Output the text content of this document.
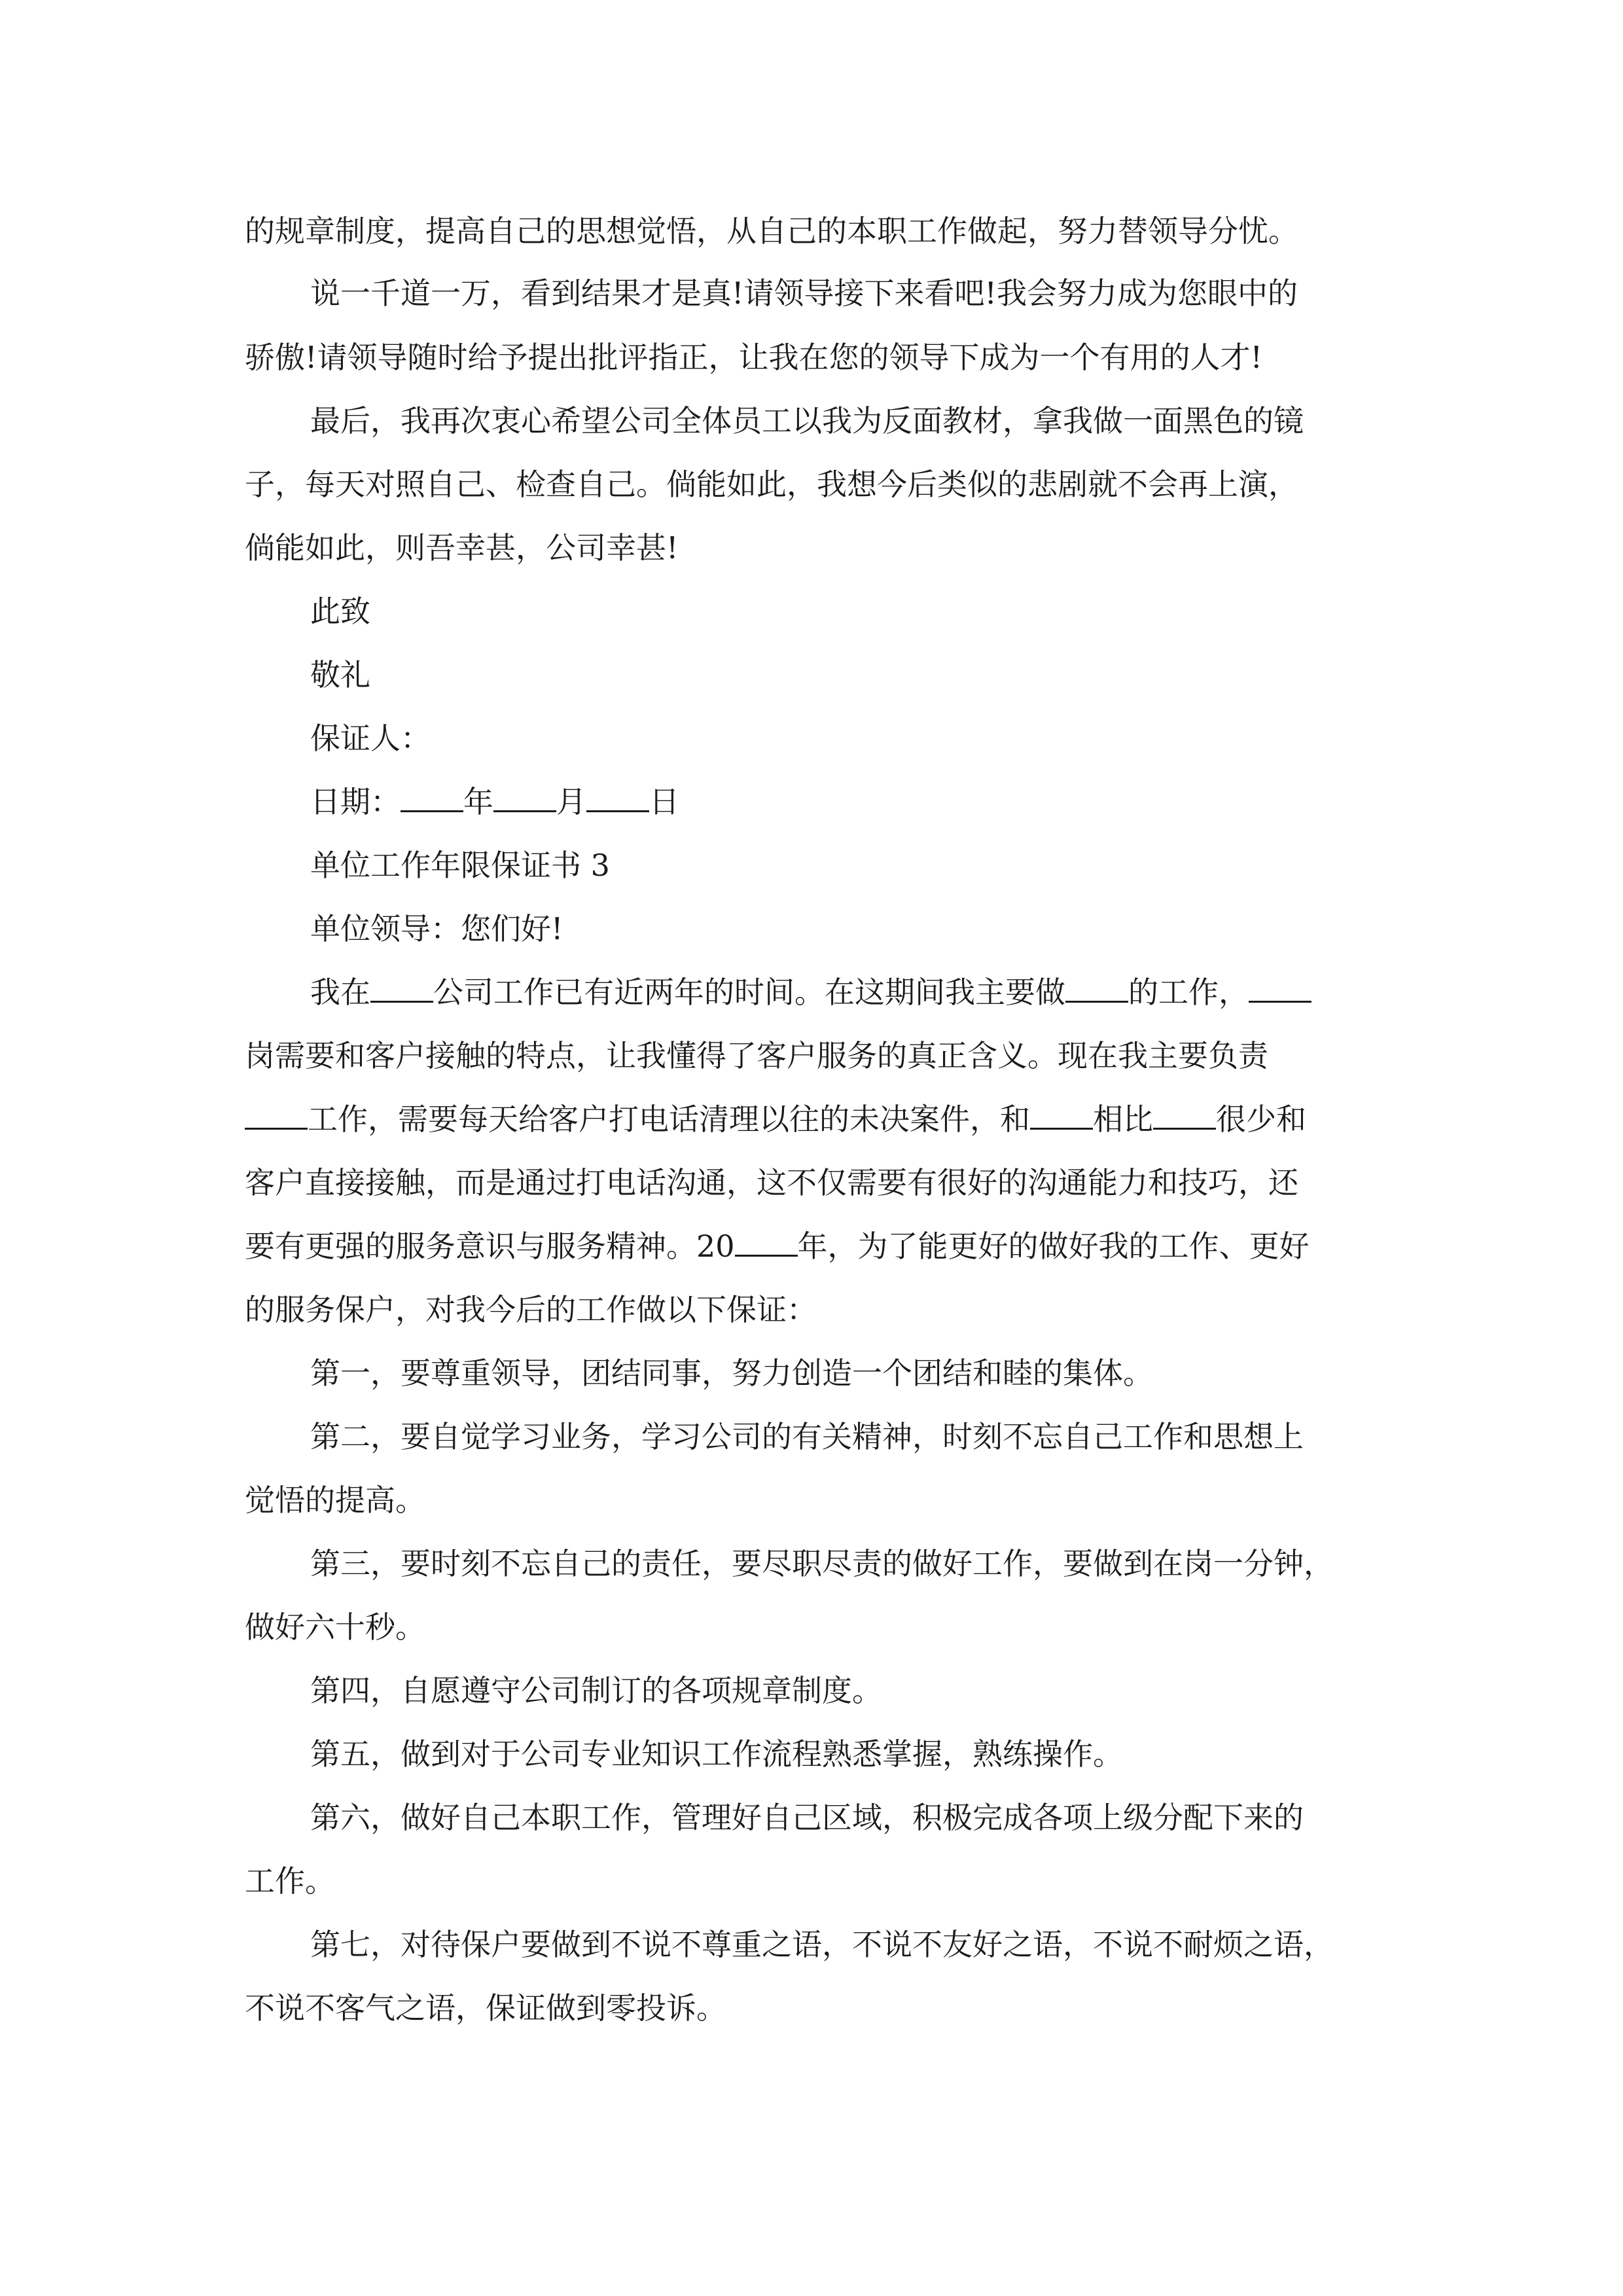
的规章制度，提高自己的思想觉悟，从自己的本职工作做起，努力替领导分忧。

说一千道一万，看到结果才是真!请领导接下来看吧!我会努力成为您眼中的

骄傲!请领导随时给予提出批评指正，让我在您的领导下成为一个有用的人才!

最后，我再次衷心希望公司全体员工以我为反面教材，拿我做一面黑色的镜

子，每天对照自己、检查自己。倘能如此，我想今后类似的悲剧就不会再上演，

倘能如此，则吾幸甚，公司幸甚!

此致

敬礼

保证人：

日期： 年 月 日

单位工作年限保证书 3

单位领导：您们好!

我在 公司工作已有近两年的时间。在这期间我主要做 的工作，

岗需要和客户接触的特点，让我懂得了客户服务的真正含义。现在我主要负责

工作，需要每天给客户打电话清理以往的未决案件，和 相比 很少和

客户直接接触，而是通过打电话沟通，这不仅需要有很好的沟通能力和技巧，还

要有更强的服务意识与服务精神。20 年，为了能更好的做好我的工作、更好

的服务保户，对我今后的工作做以下保证：

第一，要尊重领导，团结同事，努力创造一个团结和睦的集体。

第二，要自觉学习业务，学习公司的有关精神，时刻不忘自己工作和思想上

觉悟的提高。

第三，要时刻不忘自己的责任，要尽职尽责的做好工作，要做到在岗一分钟，

做好六十秒。

第四，自愿遵守公司制订的各项规章制度。

第五，做到对于公司专业知识工作流程熟悉掌握，熟练操作。

第六，做好自己本职工作，管理好自己区域，积极完成各项上级分配下来的

工作。

第七，对待保户要做到不说不尊重之语，不说不友好之语，不说不耐烦之语，

不说不客气之语，保证做到零投诉。
